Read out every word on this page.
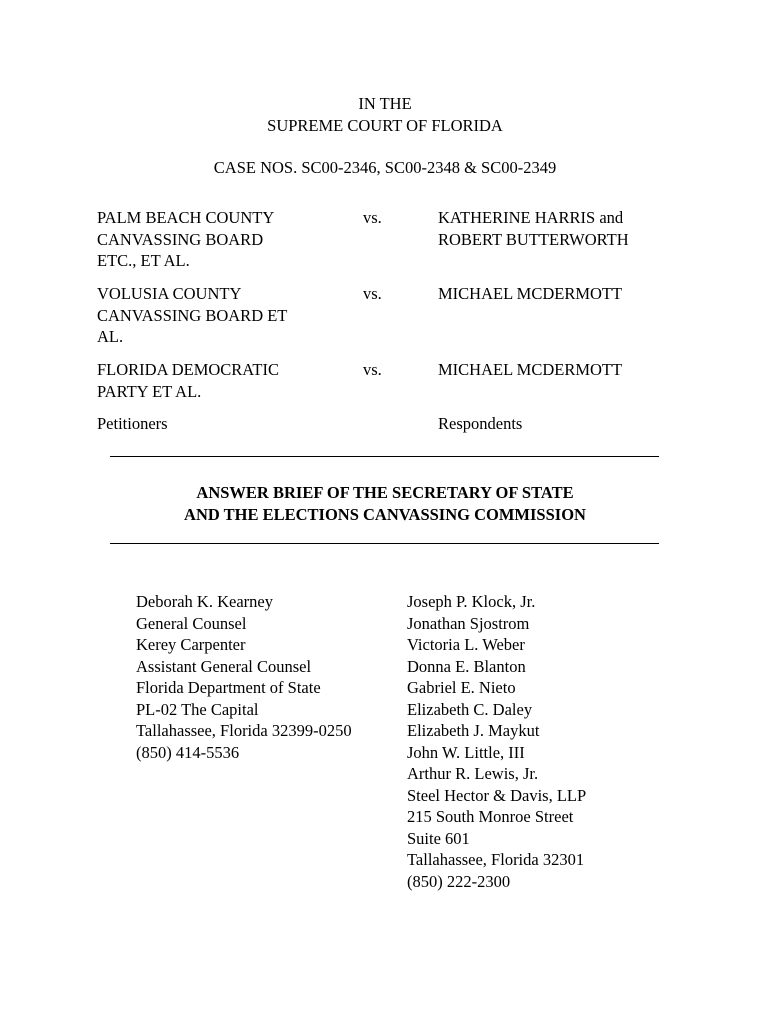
IN THE
SUPREME COURT OF FLORIDA
CASE NOS. SC00-2346, SC00-2348 & SC00-2349
PALM BEACH COUNTY
CANVASSING BOARD
ETC., ET AL.
vs.	KATHERINE HARRIS and
ROBERT BUTTERWORTH
VOLUSIA COUNTY
CANVASSING BOARD ET
AL.
vs.	MICHAEL MCDERMOTT
FLORIDA DEMOCRATIC
PARTY ET AL.
vs.	MICHAEL MCDERMOTT
Petitioners	Respondents
ANSWER BRIEF OF THE SECRETARY OF STATE
AND THE ELECTIONS CANVASSING COMMISSION
Deborah K. Kearney
General Counsel
Kerey Carpenter
Assistant General Counsel
Florida Department of State
PL-02 The Capital
Tallahassee, Florida 32399-0250
(850) 414-5536
Joseph P. Klock, Jr.
Jonathan Sjostrom
Victoria L. Weber
Donna E. Blanton
Gabriel E. Nieto
Elizabeth C. Daley
Elizabeth J. Maykut
John W. Little, III
Arthur R. Lewis, Jr.
Steel Hector & Davis, LLP
215 South Monroe Street
Suite 601
Tallahassee, Florida 32301
(850) 222-2300
